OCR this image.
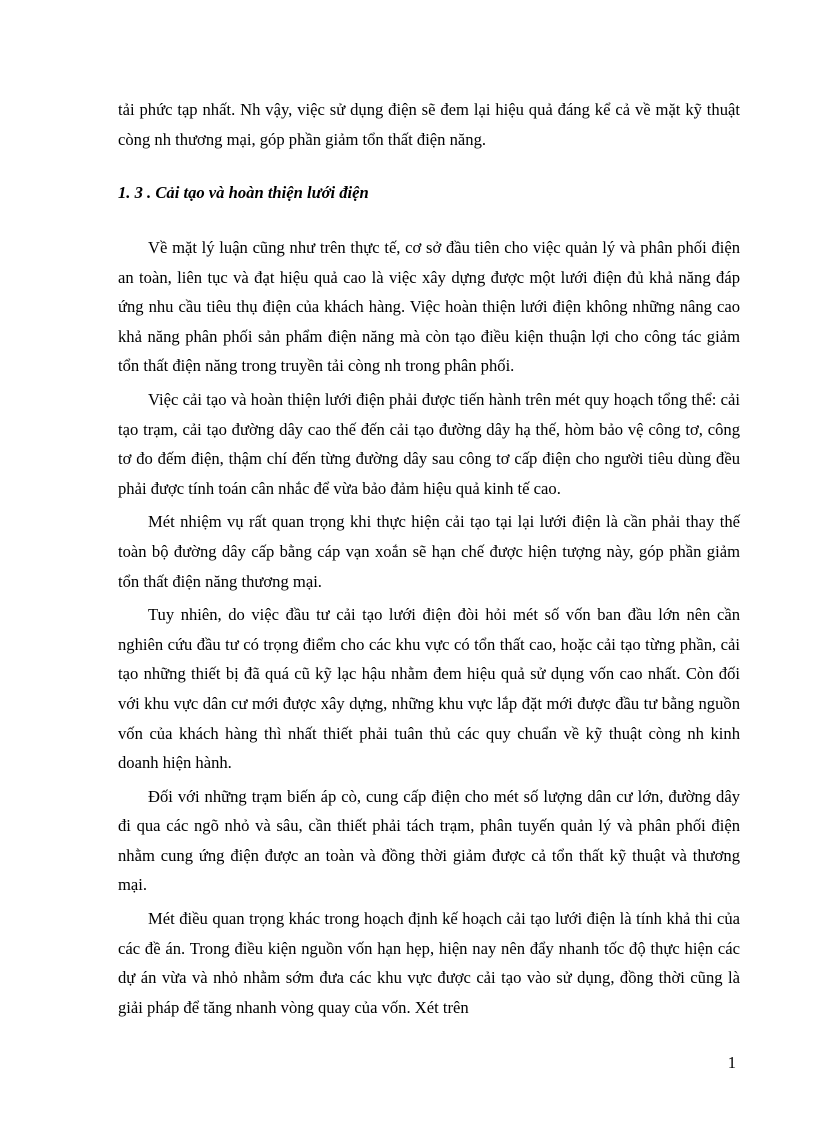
tải phức tạp nhất. Nh vậy, việc sử dụng điện sẽ đem lại hiệu quả đáng kể cả về mặt kỹ thuật còng nh thương mại, góp phần giảm tổn thất điện năng.

1. 3 . Cải tạo và hoàn thiện lưới điện

Về mặt lý luận cũng như trên thực tế, cơ sở đầu tiên cho việc quản lý và phân phối điện an toàn, liên tục và đạt hiệu quả cao là việc xây dựng được một lưới điện đủ khả năng đáp ứng nhu cầu tiêu thụ điện của khách hàng. Việc hoàn thiện lưới điện không những nâng cao khả năng phân phối sản phẩm điện năng mà còn tạo điều kiện thuận lợi cho công tác giảm tổn thất điện năng trong truyền tải còng nh trong phân phối.

Việc cải tạo và hoàn thiện lưới điện phải được tiến hành trên mét quy hoạch tổng thể: cải tạo trạm, cải tạo đường dây cao thế đến cải tạo đường dây hạ thế, hòm bảo vệ công tơ, công tơ đo đếm điện, thậm chí đến từng đường dây sau công tơ cấp điện cho người tiêu dùng đều phải được tính toán cân nhắc để vừa bảo đảm hiệu quả kinh tế cao.

Mét nhiệm vụ rất quan trọng khi thực hiện cải tạo tại lại lưới điện là cần phải thay thế toàn bộ đường dây cấp bằng cáp vạn xoắn sẽ hạn chế được hiện tượng này, góp phần giảm tổn thất điện năng thương mại.

Tuy nhiên, do việc đầu tư cải tạo lưới điện đòi hỏi mét số vốn ban đầu lớn nên cần nghiên cứu đầu tư có trọng điểm cho các khu vực có tổn thất cao, hoặc cải tạo từng phần, cải tạo những thiết bị đã quá cũ kỹ lạc hậu nhằm đem hiệu quả sử dụng vốn cao nhất. Còn đối với khu vực dân cư mới được xây dựng, những khu vực lắp đặt mới được đầu tư bằng nguồn vốn của khách hàng thì nhất thiết phải tuân thủ các quy chuẩn về kỹ thuật còng nh kinh doanh hiện hành.

Đối với những trạm biến áp cò, cung cấp điện cho mét số lượng dân cư lớn, đường dây đi qua các ngõ nhỏ và sâu, cần thiết phải tách trạm, phân tuyến quản lý và phân phối điện nhằm cung ứng điện được an toàn và đồng thời giảm được cả tổn thất kỹ thuật và thương mại.

Mét điều quan trọng khác trong hoạch định kế hoạch cải tạo lưới điện là tính khả thi của các đề án. Trong điều kiện nguồn vốn hạn hẹp, hiện nay nên đẩy nhanh tốc độ thực hiện các dự án vừa và nhỏ nhằm sớm đưa các khu vực được cải tạo vào sử dụng, đồng thời cũng là giải pháp để tăng nhanh vòng quay của vốn. Xét trên

1
